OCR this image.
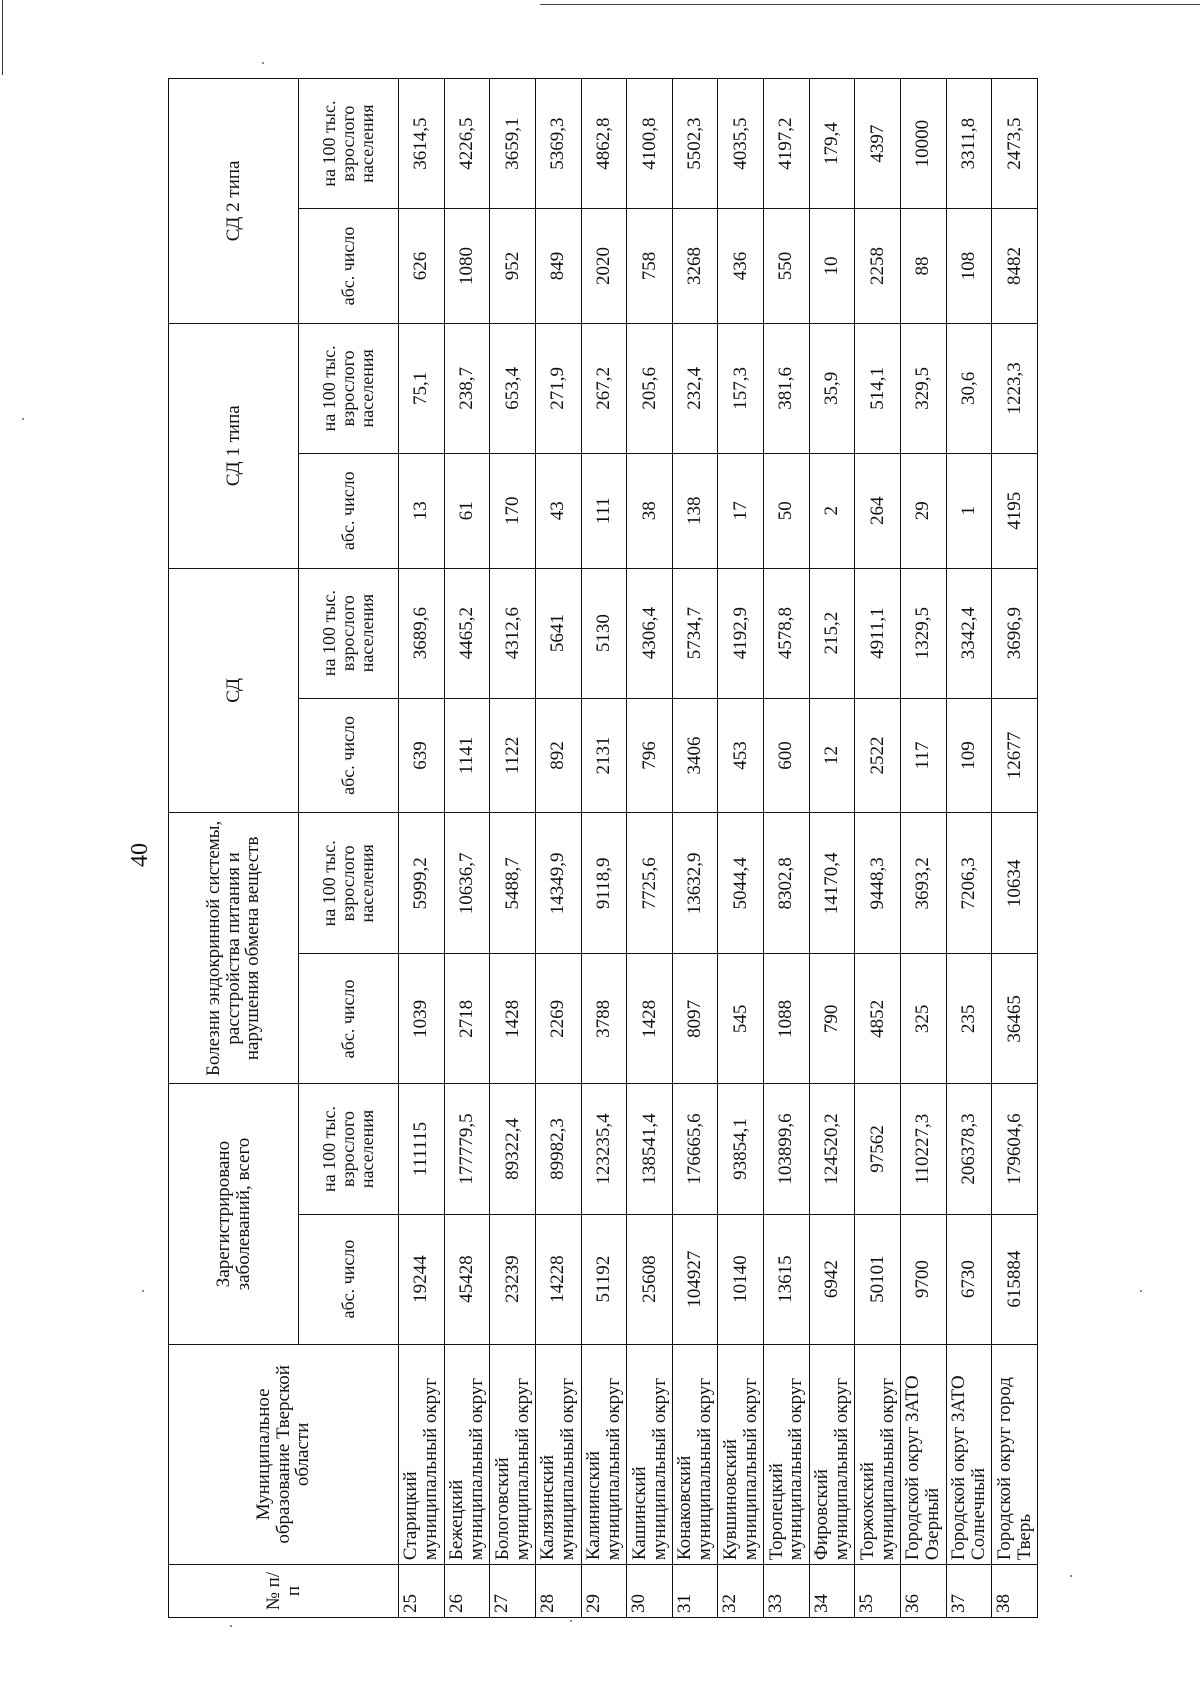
40
№ п/п	Муниципальное образование Тверской области	Зарегистрировано заболеваний, всего		Болезни эндокринной системы, расстройства питания и нарушения обмена веществ		СД		СД 1 типа		СД 2 типа	
		абс. число	на 100 тыс. взрослого населения	абс. число	на 100 тыс. взрослого населения	абс. число	на 100 тыс. взрослого населения	абс. число	на 100 тыс. взрослого населения	абс. число	на 100 тыс. взрослого населения
25	Старицкий муниципальный округ	19244	111115	1039	5999,2	639	3689,6	13	75,1	626	3614,5
26	Бежецкий муниципальный округ	45428	177779,5	2718	10636,7	1141	4465,2	61	238,7	1080	4226,5
27	Бологовский муниципальный округ	23239	89322,4	1428	5488,7	1122	4312,6	170	653,4	952	3659,1
28	Калязинский муниципальный округ	14228	89982,3	2269	14349,9	892	5641	43	271,9	849	5369,3
29	Калининский муниципальный округ	51192	123235,4	3788	9118,9	2131	5130	111	267,2	2020	4862,8
30	Кашинский муниципальный округ	25608	138541,4	1428	7725,6	796	4306,4	38	205,6	758	4100,8
31	Конаковский муниципальный округ	104927	176665,6	8097	13632,9	3406	5734,7	138	232,4	3268	5502,3
32	Кувшиновский муниципальный округ	10140	93854,1	545	5044,4	453	4192,9	17	157,3	436	4035,5
33	Торопецкий муниципальный округ	13615	103899,6	1088	8302,8	600	4578,8	50	381,6	550	4197,2
34	Фировский муниципальный округ	6942	124520,2	790	14170,4	12	215,2	2	35,9	10	179,4
35	Торжокский муниципальный округ	50101	97562	4852	9448,3	2522	4911,1	264	514,1	2258	4397
36	Городской округ ЗАТО Озерный	9700	110227,3	325	3693,2	117	1329,5	29	329,5	88	10000
37	Городской округ ЗАТО Солнечный	6730	206378,3	235	7206,3	109	3342,4	1	30,6	108	3311,8
38	Городской округ город Тверь	615884	179604,6	36465	10634	12677	3696,9	4195	1223,3	8482	2473,5
